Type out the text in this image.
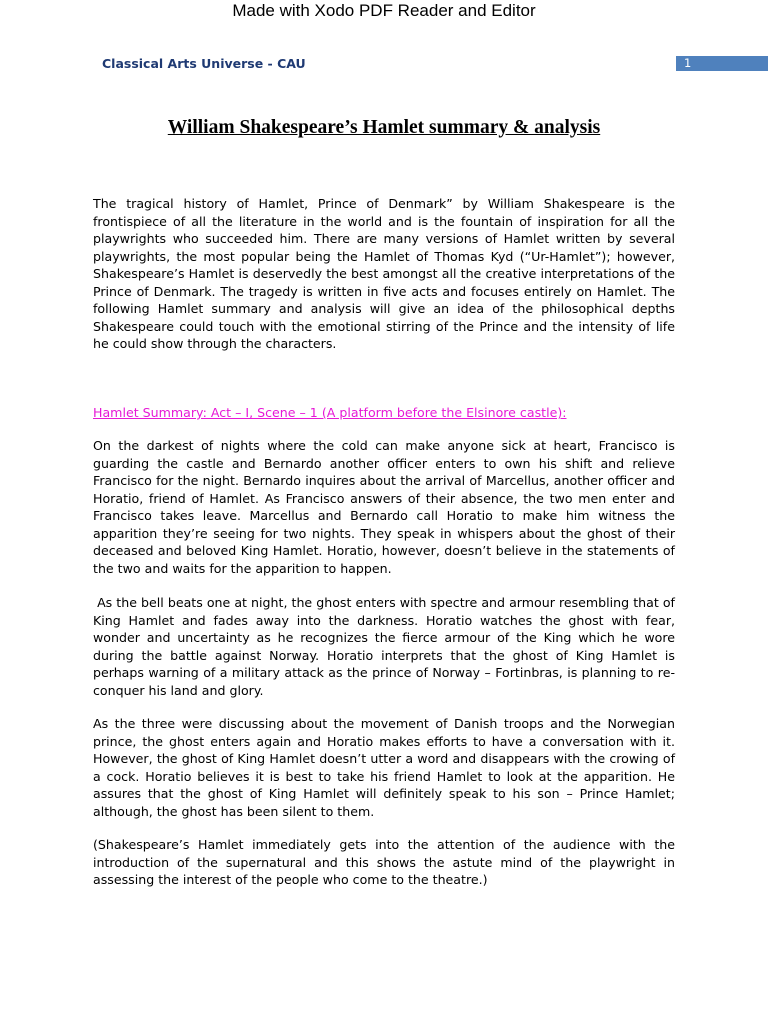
Made with Xodo PDF Reader and Editor
Classical Arts Universe - CAU	1
William Shakespeare’s Hamlet summary & analysis

The tragical history of Hamlet, Prince of Denmark” by William Shakespeare is the frontispiece of all the literature in the world and is the fountain of inspiration for all the playwrights who succeeded him. There are many versions of Hamlet written by several playwrights, the most popular being the Hamlet of Thomas Kyd (“Ur-Hamlet”); however, Shakespeare’s Hamlet is deservedly the best amongst all the creative interpretations of the Prince of Denmark. The tragedy is written in five acts and focuses entirely on Hamlet. The following Hamlet summary and analysis will give an idea of the philosophical depths Shakespeare could touch with the emotional stirring of the Prince and the intensity of life he could show through the characters.

Hamlet Summary: Act – I, Scene – 1 (A platform before the Elsinore castle):

On the darkest of nights where the cold can make anyone sick at heart, Francisco is guarding the castle and Bernardo another officer enters to own his shift and relieve Francisco for the night. Bernardo inquires about the arrival of Marcellus, another officer and Horatio, friend of Hamlet. As Francisco answers of their absence, the two men enter and Francisco takes leave. Marcellus and Bernardo call Horatio to make him witness the apparition they’re seeing for two nights. They speak in whispers about the ghost of their deceased and beloved King Hamlet. Horatio, however, doesn’t believe in the statements of the two and waits for the apparition to happen.

As the bell beats one at night, the ghost enters with spectre and armour resembling that of King Hamlet and fades away into the darkness. Horatio watches the ghost with fear, wonder and uncertainty as he recognizes the fierce armour of the King which he wore during the battle against Norway. Horatio interprets that the ghost of King Hamlet is perhaps warning of a military attack as the prince of Norway – Fortinbras, is planning to re-conquer his land and glory.

As the three were discussing about the movement of Danish troops and the Norwegian prince, the ghost enters again and Horatio makes efforts to have a conversation with it. However, the ghost of King Hamlet doesn’t utter a word and disappears with the crowing of a cock. Horatio believes it is best to take his friend Hamlet to look at the apparition. He assures that the ghost of King Hamlet will definitely speak to his son – Prince Hamlet; although, the ghost has been silent to them.

(Shakespeare’s Hamlet immediately gets into the attention of the audience with the introduction of the supernatural and this shows the astute mind of the playwright in assessing the interest of the people who come to the theatre.)
